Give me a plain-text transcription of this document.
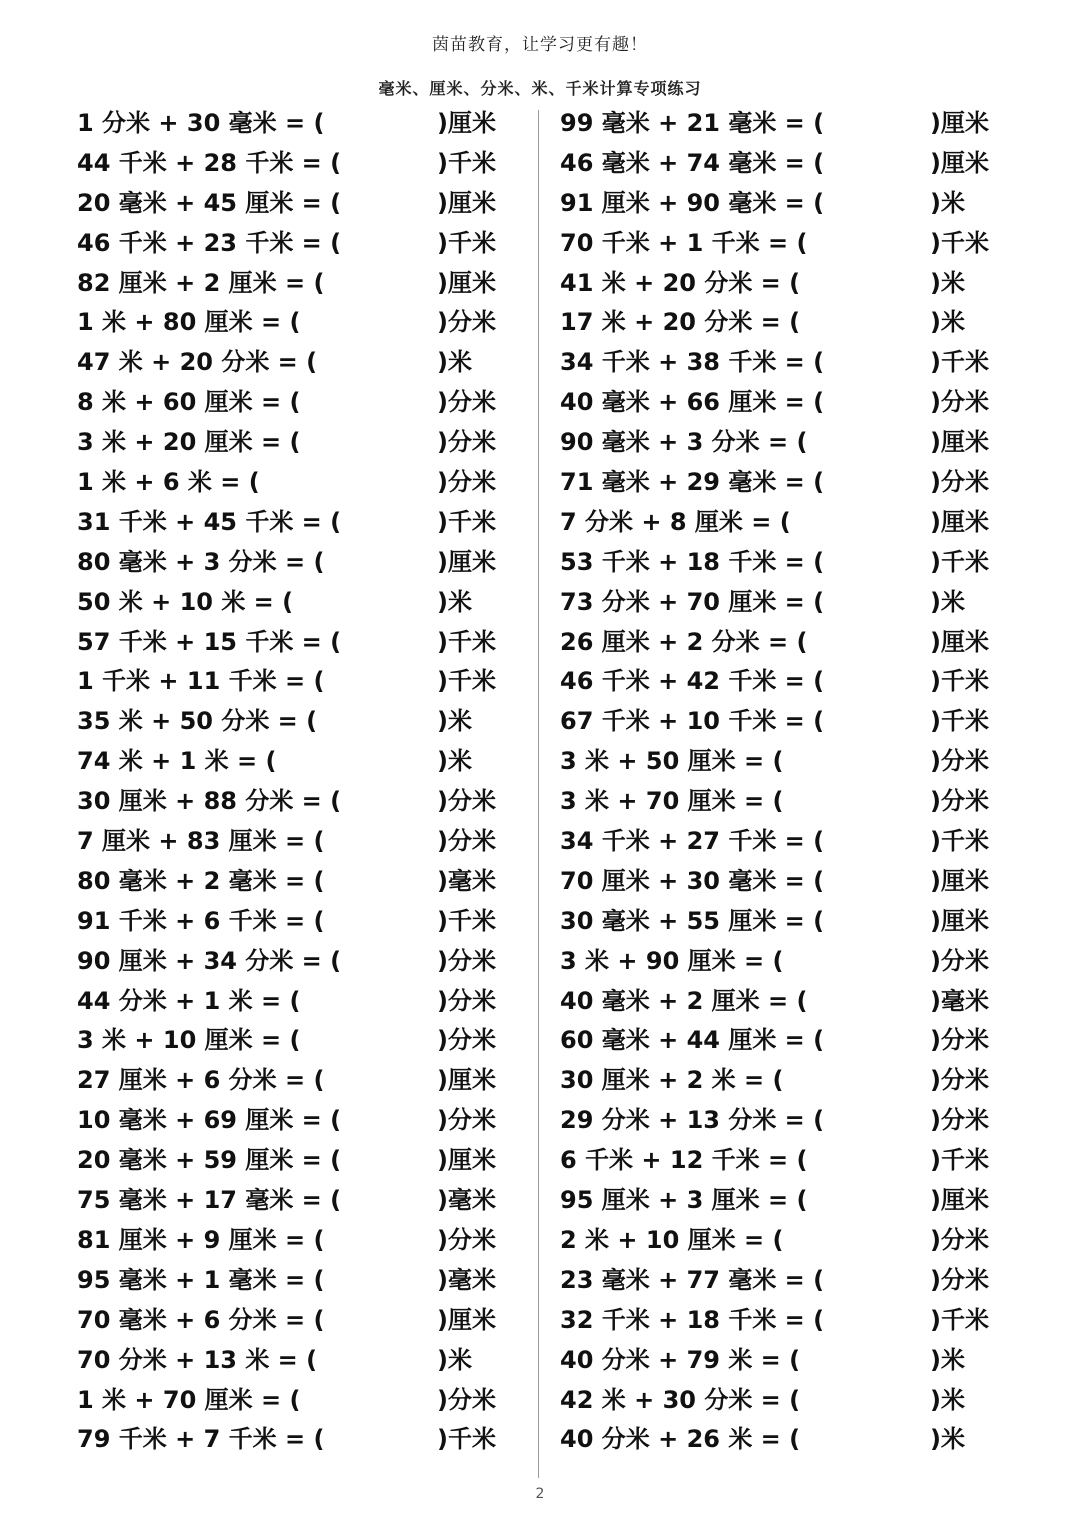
茵苗教育，让学习更有趣！
毫米、厘米、分米、米、千米计算专项练习
1 分米 + 30 毫米 = (	)厘米
44 千米 + 28 千米 = (	)千米
20 毫米 + 45 厘米 = (	)厘米
46 千米 + 23 千米 = (	)千米
82 厘米 + 2 厘米 = (	)厘米
1 米 + 80 厘米 = (	)分米
47 米 + 20 分米 = (	)米
8 米 + 60 厘米 = (	)分米
3 米 + 20 厘米 = (	)分米
1 米 + 6 米 = (	)分米
31 千米 + 45 千米 = (	)千米
80 毫米 + 3 分米 = (	)厘米
50 米 + 10 米 = (	)米
57 千米 + 15 千米 = (	)千米
1 千米 + 11 千米 = (	)千米
35 米 + 50 分米 = (	)米
74 米 + 1 米 = (	)米
30 厘米 + 88 分米 = (	)分米
7 厘米 + 83 厘米 = (	)分米
80 毫米 + 2 毫米 = (	)毫米
91 千米 + 6 千米 = (	)千米
90 厘米 + 34 分米 = (	)分米
44 分米 + 1 米 = (	)分米
3 米 + 10 厘米 = (	)分米
27 厘米 + 6 分米 = (	)厘米
10 毫米 + 69 厘米 = (	)分米
20 毫米 + 59 厘米 = (	)厘米
75 毫米 + 17 毫米 = (	)毫米
81 厘米 + 9 厘米 = (	)分米
95 毫米 + 1 毫米 = (	)毫米
70 毫米 + 6 分米 = (	)厘米
70 分米 + 13 米 = (	)米
1 米 + 70 厘米 = (	)分米
79 千米 + 7 千米 = (	)千米
99 毫米 + 21 毫米 = (	)厘米
46 毫米 + 74 毫米 = (	)厘米
91 厘米 + 90 毫米 = (	)米
70 千米 + 1 千米 = (	)千米
41 米 + 20 分米 = (	)米
17 米 + 20 分米 = (	)米
34 千米 + 38 千米 = (	)千米
40 毫米 + 66 厘米 = (	)分米
90 毫米 + 3 分米 = (	)厘米
71 毫米 + 29 毫米 = (	)分米
7 分米 + 8 厘米 = (	)厘米
53 千米 + 18 千米 = (	)千米
73 分米 + 70 厘米 = (	)米
26 厘米 + 2 分米 = (	)厘米
46 千米 + 42 千米 = (	)千米
67 千米 + 10 千米 = (	)千米
3 米 + 50 厘米 = (	)分米
3 米 + 70 厘米 = (	)分米
34 千米 + 27 千米 = (	)千米
70 厘米 + 30 毫米 = (	)厘米
30 毫米 + 55 厘米 = (	)厘米
3 米 + 90 厘米 = (	)分米
40 毫米 + 2 厘米 = (	)毫米
60 毫米 + 44 厘米 = (	)分米
30 厘米 + 2 米 = (	)分米
29 分米 + 13 分米 = (	)分米
6 千米 + 12 千米 = (	)千米
95 厘米 + 3 厘米 = (	)厘米
2 米 + 10 厘米 = (	)分米
23 毫米 + 77 毫米 = (	)分米
32 千米 + 18 千米 = (	)千米
40 分米 + 79 米 = (	)米
42 米 + 30 分米 = (	)米
40 分米 + 26 米 = (	)米
2
